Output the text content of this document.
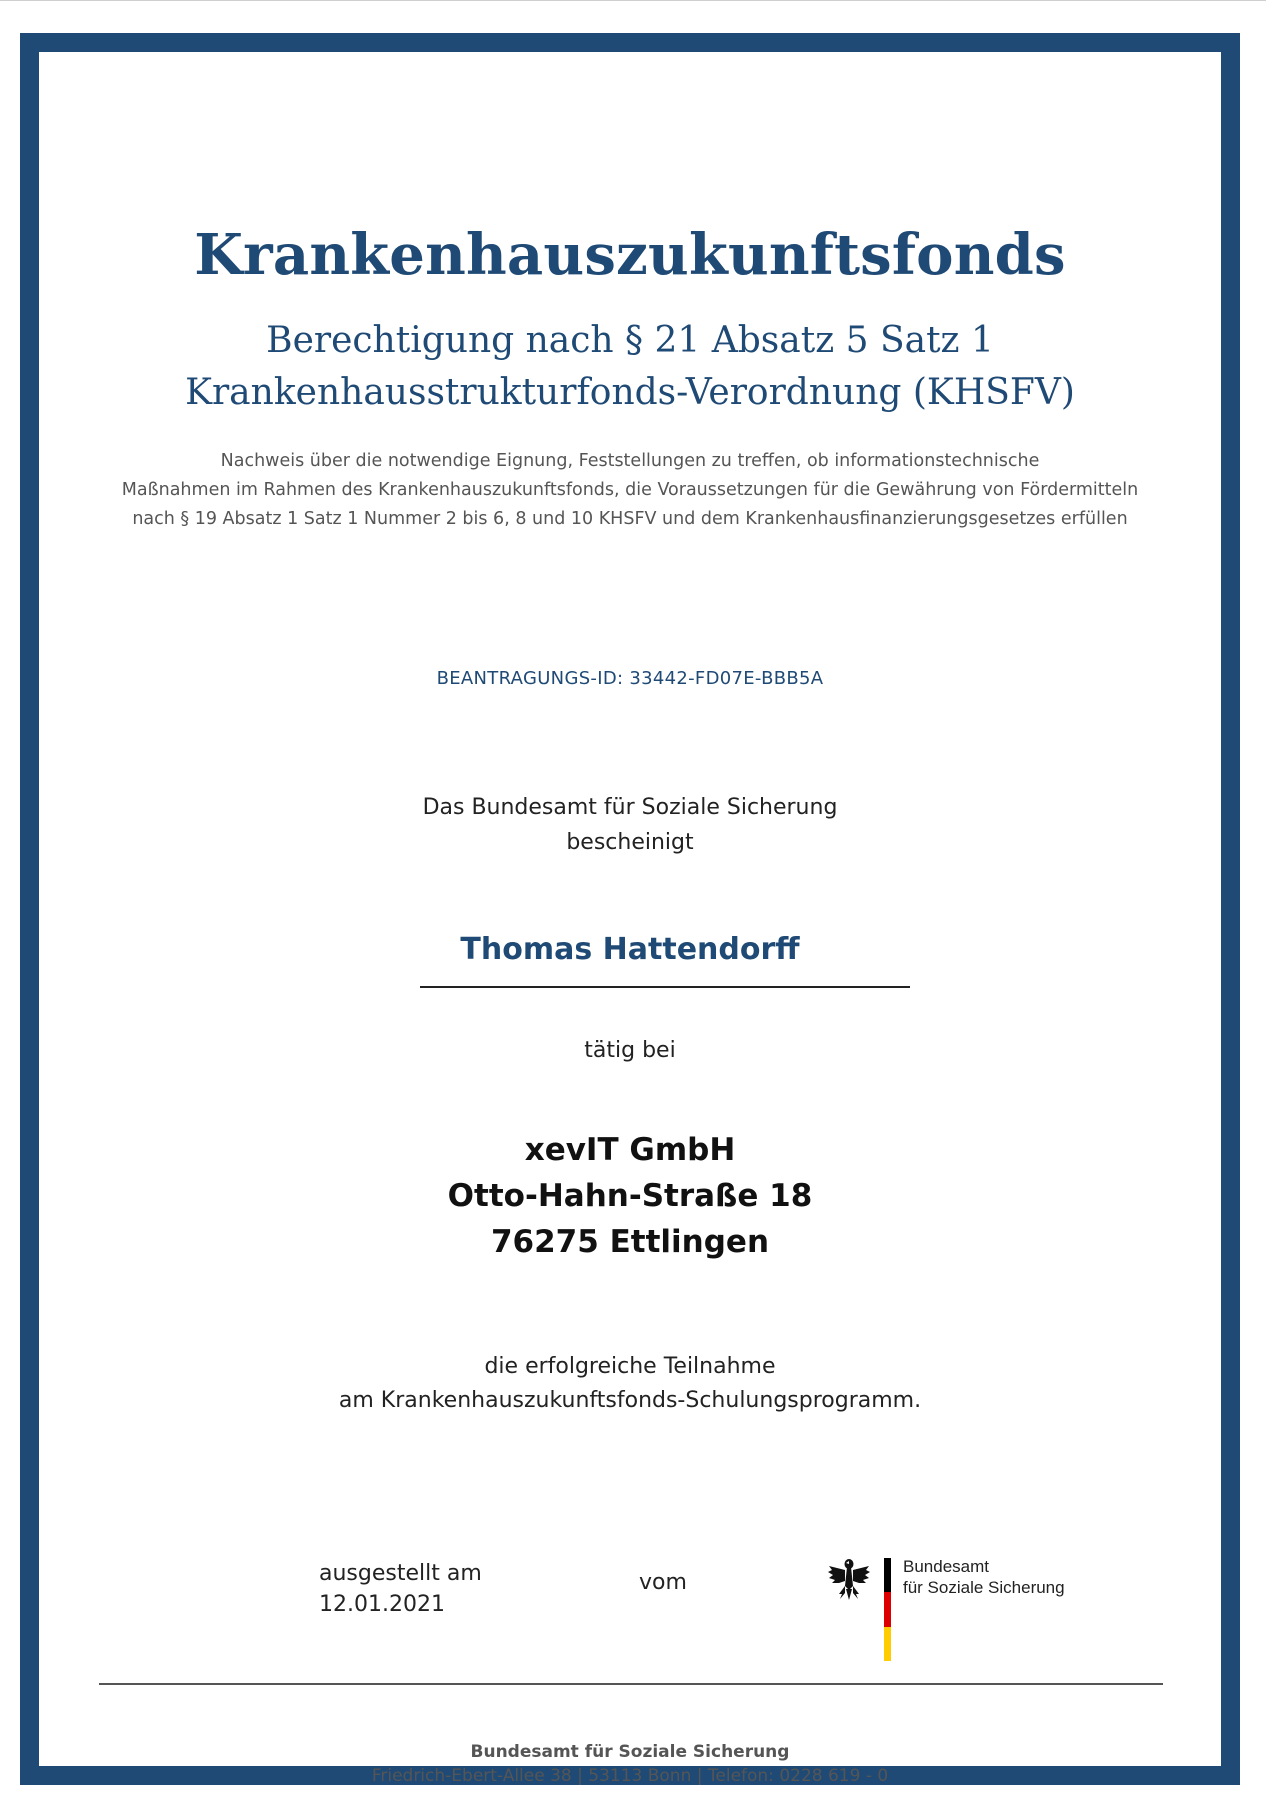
Krankenhauszukunftsfonds
Berechtigung nach § 21 Absatz 5 Satz 1
Krankenhausstrukturfonds-Verordnung (KHSFV)
Nachweis über die notwendige Eignung, Feststellungen zu treffen, ob informationstechnische
Maßnahmen im Rahmen des Krankenhauszukunftsfonds, die Voraussetzungen für die Gewährung von Fördermitteln
nach § 19 Absatz 1 Satz 1 Nummer 2 bis 6, 8 und 10 KHSFV und dem Krankenhausfinanzierungsgesetzes erfüllen
BEANTRAGUNGS-ID: 33442-FD07E-BBB5A
Das Bundesamt für Soziale Sicherung
bescheinigt
Thomas Hattendorff
tätig bei
xevIT GmbH
Otto-Hahn-Straße 18
76275 Ettlingen
die erfolgreiche Teilnahme
am Krankenhauszukunftsfonds-Schulungsprogramm.
ausgestellt am
12.01.2021
vom
Bundesamt
für Soziale Sicherung
Bundesamt für Soziale Sicherung
Friedrich-Ebert-Allee 38 | 53113 Bonn | Telefon: 0228 619 - 0
